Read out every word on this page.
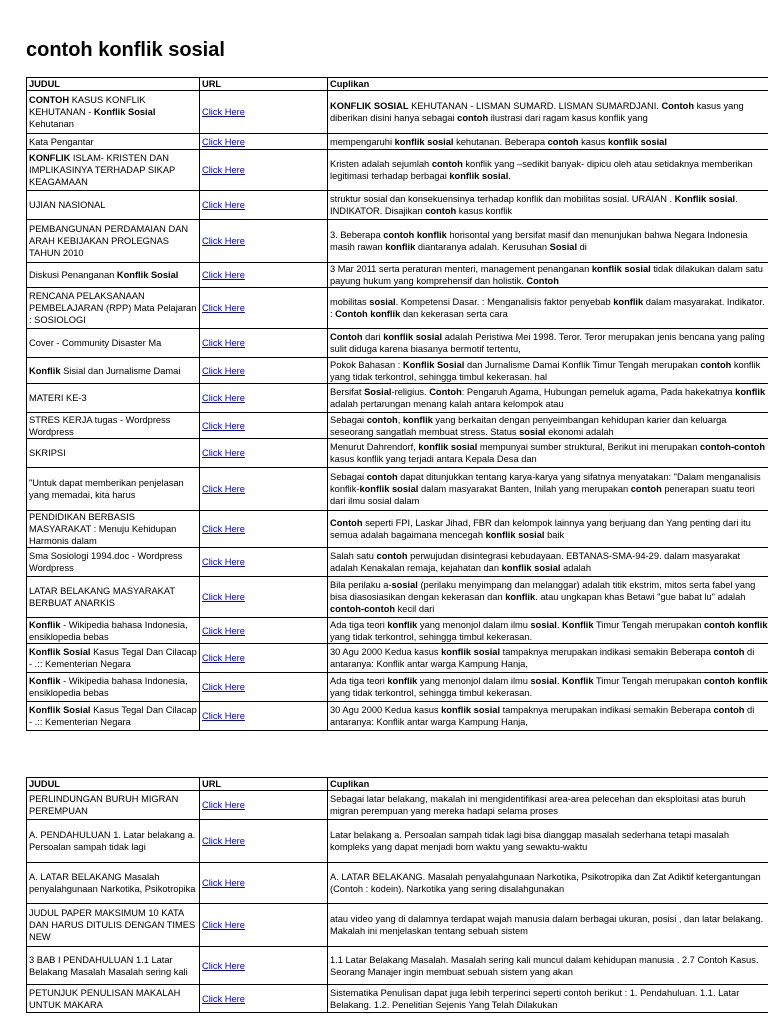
contoh konflik sosial
JUDUL	URL	Cuplikan
CONTOH KASUS KONFLIK KEHUTANAN - Konflik Sosial Kehutanan	Click Here	KONFLIK SOSIAL KEHUTANAN - LISMAN SUMARD. LISMAN SUMARDJANI. Contoh kasus yang diberikan disini hanya sebagai contoh ilustrasi dari ragam kasus konflik yang
Kata Pengantar	Click Here	mempengaruhi konflik sosial kehutanan. Beberapa contoh kasus konflik sosial
KONFLIK ISLAM- KRISTEN DAN IMPLIKASINYA TERHADAP SIKAP KEAGAMAAN	Click Here	Kristen adalah sejumlah contoh konflik yang –sedikit banyak- dipicu oleh atau setidaknya memberikan legitimasi terhadap berbagai konflik sosial.
UJIAN NASIONAL	Click Here	struktur sosial dan konsekuensinya terhadap konflik dan mobilitas sosial. URAIAN . Konflik sosial. INDIKATOR. Disajikan contoh kasus konflik
PEMBANGUNAN PERDAMAIAN DAN ARAH KEBIJAKAN PROLEGNAS TAHUN 2010	Click Here	3. Beberapa contoh konflik horisontal yang bersifat masif dan menunjukan bahwa Negara Indonesia masih rawan konflik diantaranya adalah. Kerusuhan Sosial di
Diskusi Penanganan Konflik Sosial	Click Here	3 Mar 2011 serta peraturan menteri, management penanganan konflik sosial tidak dilakukan dalam satu payung hukum yang komprehensif dan holistik. Contoh
RENCANA PELAKSANAAN PEMBELAJARAN (RPP) Mata Pelajaran : SOSIOLOGI	Click Here	mobilitas sosial. Kompetensi Dasar. : Menganalisis faktor penyebab konflik dalam masyarakat. Indikator. : Contoh konflik dan kekerasan serta cara
Cover - Community Disaster Ma	Click Here	Contoh dari konflik sosial adalah Peristiwa Mei 1998. Teror. Teror merupakan jenis bencana yang paling sulit diduga karena biasanya bermotif tertentu,
Konflik Sisial dan Jurnalisme Damai	Click Here	Pokok Bahasan : Konflik Sosial dan Jurnalisme Damai Konflik Timur Tengah merupakan contoh konflik yang tidak terkontrol, sehingga timbul kekerasan. hal
MATERI KE-3	Click Here	Bersifat Sosial-religius. Contoh: Pengaruh Agama, Hubungan pemeluk agama, Pada hakekatnya konflik adalah pertarungan menang kalah antara kelompok atau
STRES KERJA tugas - Wordpress Wordpress	Click Here	Sebagai contoh, konflik yang berkaitan dengan penyeimbangan kehidupan karier dan keluarga seseorang sangatlah membuat stress. Status sosial ekonomi adalah
SKRIPSI	Click Here	Menurut Dahrendorf, konflik sosial mempunyai sumber struktural, Berikut ini merupakan contoh-contoh kasus konflik yang terjadi antara Kepala Desa dan
"Untuk dapat memberikan penjelasan yang memadai, kita harus	Click Here	Sebagai contoh dapat ditunjukkan tentang karya-karya yang sifatnya menyatakan: "Dalam menganalisis konflik-konflik sosial dalam masyarakat Banten, Inilah yang merupakan contoh penerapan suatu teori dari ilmu sosial dalam
PENDIDIKAN BERBASIS MASYARAKAT : Menuju Kehidupan Harmonis dalam	Click Here	Contoh seperti FPI, Laskar Jihad, FBR dan kelompok lainnya yang berjuang dan Yang penting dari itu semua adalah bagaimana mencegah konflik sosial baik
Sma Sosiologi 1994.doc - Wordpress Wordpress	Click Here	Salah satu contoh perwujudan disintegrasi kebudayaan. EBTANAS-SMA-94-29. dalam masyarakat adalah Kenakalan remaja, kejahatan dan konflik sosial adalah
LATAR BELAKANG MASYARAKAT BERBUAT ANARKIS	Click Here	Bila perilaku a-sosial (perilaku menyimpang dan melanggar) adalah titik ekstrim, mitos serta fabel yang bisa diasosiasikan dengan kekerasan dan konflik. atau ungkapan khas Betawi "gue babat lu" adalah contoh-contoh kecil dari
Konflik - Wikipedia bahasa Indonesia, ensiklopedia bebas	Click Here	Ada tiga teori konflik yang menonjol dalam ilmu sosial. Konflik Timur Tengah merupakan contoh konflik yang tidak terkontrol, sehingga timbul kekerasan.
Konflik Sosial Kasus Tegal Dan Cilacap - .:: Kementerian Negara	Click Here	30 Agu 2000 Kedua kasus konflik sosial tampaknya merupakan indikasi semakin Beberapa contoh di antaranya: Konflik antar warga Kampung Hanja,
Konflik - Wikipedia bahasa Indonesia, ensiklopedia bebas	Click Here	Ada tiga teori konflik yang menonjol dalam ilmu sosial. Konflik Timur Tengah merupakan contoh konflik yang tidak terkontrol, sehingga timbul kekerasan.
Konflik Sosial Kasus Tegal Dan Cilacap - .:: Kementerian Negara	Click Here	30 Agu 2000 Kedua kasus konflik sosial tampaknya merupakan indikasi semakin Beberapa contoh di antaranya: Konflik antar warga Kampung Hanja,
JUDUL	URL	Cuplikan
PERLINDUNGAN BURUH MIGRAN PEREMPUAN	Click Here	Sebagai latar belakang, makalah ini mengidentifikasi area-area pelecehan dan eksploitasi atas buruh migran perempuan yang mereka hadapi selama proses
A. PENDAHULUAN 1. Latar belakang a. Persoalan sampah tidak lagi	Click Here	Latar belakang a. Persoalan sampah tidak lagi bisa dianggap masalah sederhana tetapi masalah kompleks yang dapat menjadi bom waktu yang sewaktu-waktu
A. LATAR BELAKANG Masalah penyalahgunaan Narkotika, Psikotropika	Click Here	A. LATAR BELAKANG. Masalah penyalahgunaan Narkotika, Psikotropika dan Zat Adiktif ketergantungan (Contoh : kodein). Narkotika yang sering disalahgunakan
JUDUL PAPER MAKSIMUM 10 KATA DAN HARUS DITULIS DENGAN TIMES NEW	Click Here	atau video yang di dalamnya terdapat wajah manusia dalam berbagai ukuran, posisi , dan latar belakang. Makalah ini menjelaskan tentang sebuah sistem
3 BAB I PENDAHULUAN 1.1 Latar Belakang Masalah Masalah sering kali	Click Here	1.1 Latar Belakang Masalah. Masalah sering kali muncul dalam kehidupan manusia . 2.7 Contoh Kasus. Seorang Manajer ingin membuat sebuah sistem yang akan
PETUNJUK PENULISAN MAKALAH UNTUK MAKARA	Click Here	Sistematika Penulisan dapat juga lebih terperinci seperti contoh berikut : 1. Pendahuluan. 1.1. Latar Belakang. 1.2. Penelitian Sejenis Yang Telah Dilakukan
